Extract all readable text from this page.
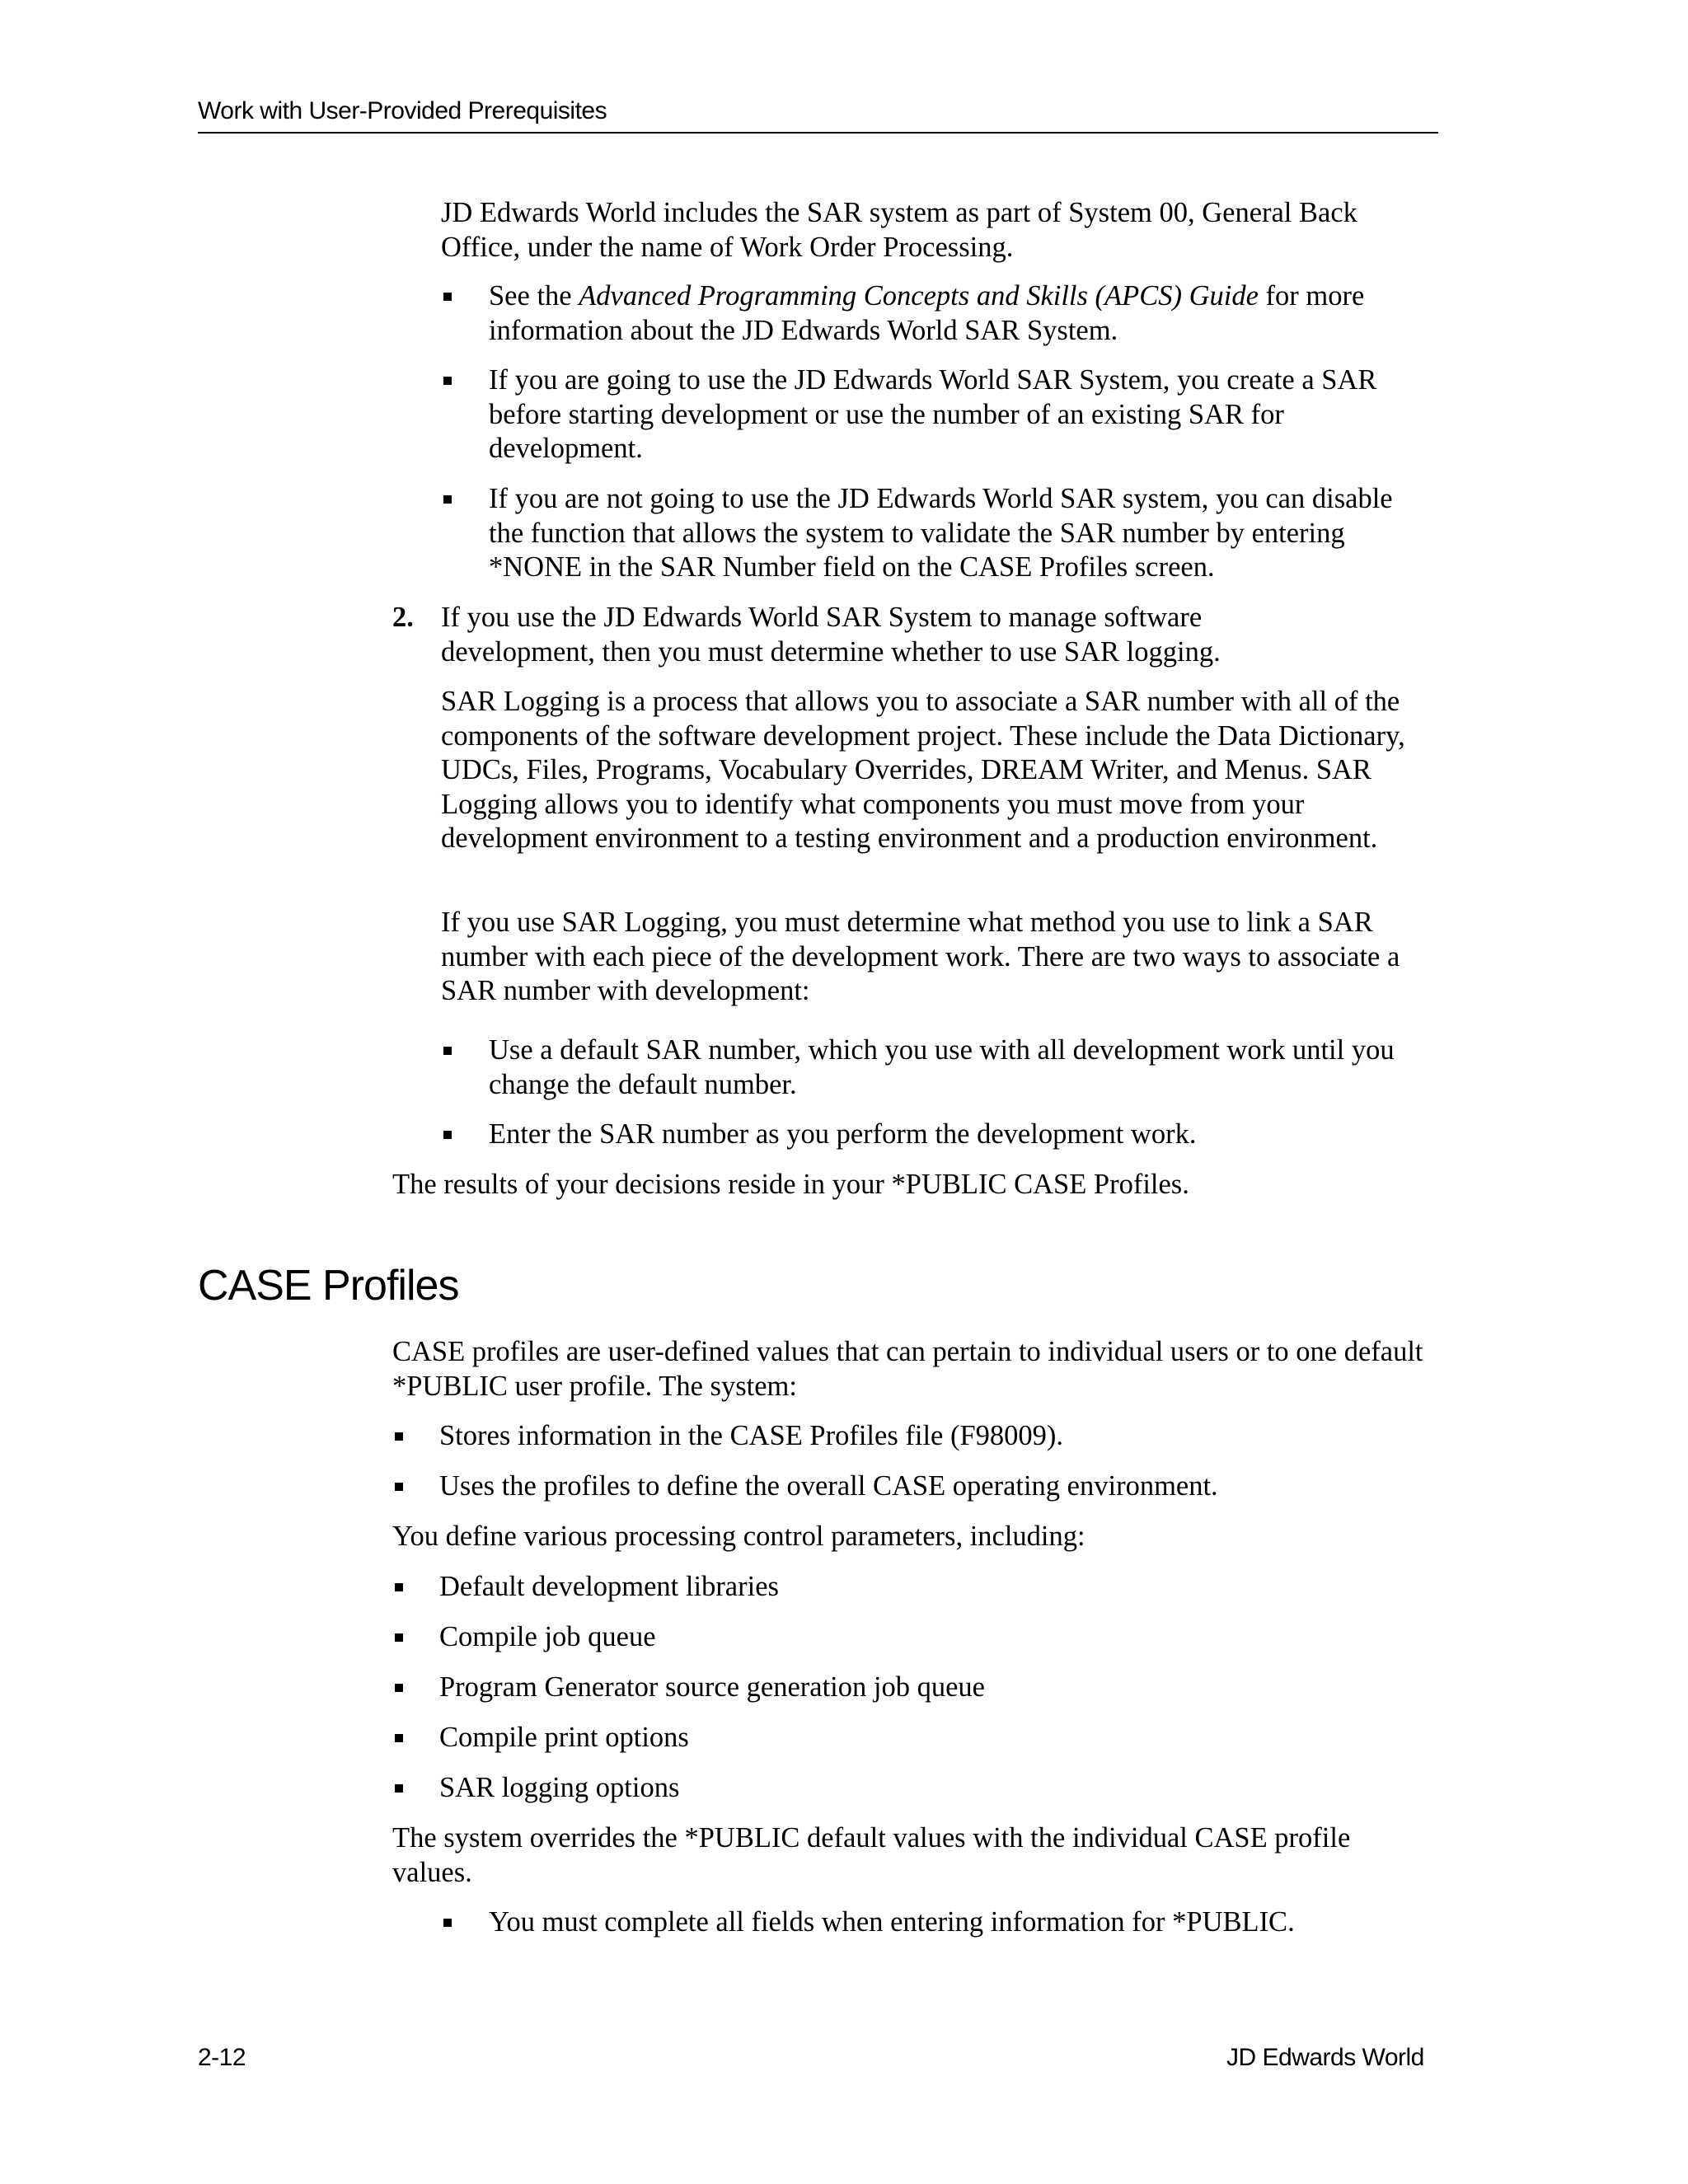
Work with User-Provided Prerequisites

JD Edwards World includes the SAR system as part of System 00, General Back Office, under the name of Work Order Processing.

See the Advanced Programming Concepts and Skills (APCS) Guide for more information about the JD Edwards World SAR System.

If you are going to use the JD Edwards World SAR System, you create a SAR before starting development or use the number of an existing SAR for development.

If you are not going to use the JD Edwards World SAR system, you can disable the function that allows the system to validate the SAR number by entering *NONE in the SAR Number field on the CASE Profiles screen.

2. If you use the JD Edwards World SAR System to manage software development, then you must determine whether to use SAR logging.

SAR Logging is a process that allows you to associate a SAR number with all of the components of the software development project. These include the Data Dictionary, UDCs, Files, Programs, Vocabulary Overrides, DREAM Writer, and Menus. SAR Logging allows you to identify what components you must move from your development environment to a testing environment and a production environment.

If you use SAR Logging, you must determine what method you use to link a SAR number with each piece of the development work. There are two ways to associate a SAR number with development:

Use a default SAR number, which you use with all development work until you change the default number.

Enter the SAR number as you perform the development work.

The results of your decisions reside in your *PUBLIC CASE Profiles.

CASE profiles are user-defined values that can pertain to individual users or to one default *PUBLIC user profile. The system:

Stores information in the CASE Profiles file (F98009).

Uses the profiles to define the overall CASE operating environment.

You define various processing control parameters, including:

Default development libraries

Compile job queue

Program Generator source generation job queue

Compile print options

SAR logging options

The system overrides the *PUBLIC default values with the individual CASE profile values.

You must complete all fields when entering information for *PUBLIC.

CASE Profiles
2-12	JD Edwards World
